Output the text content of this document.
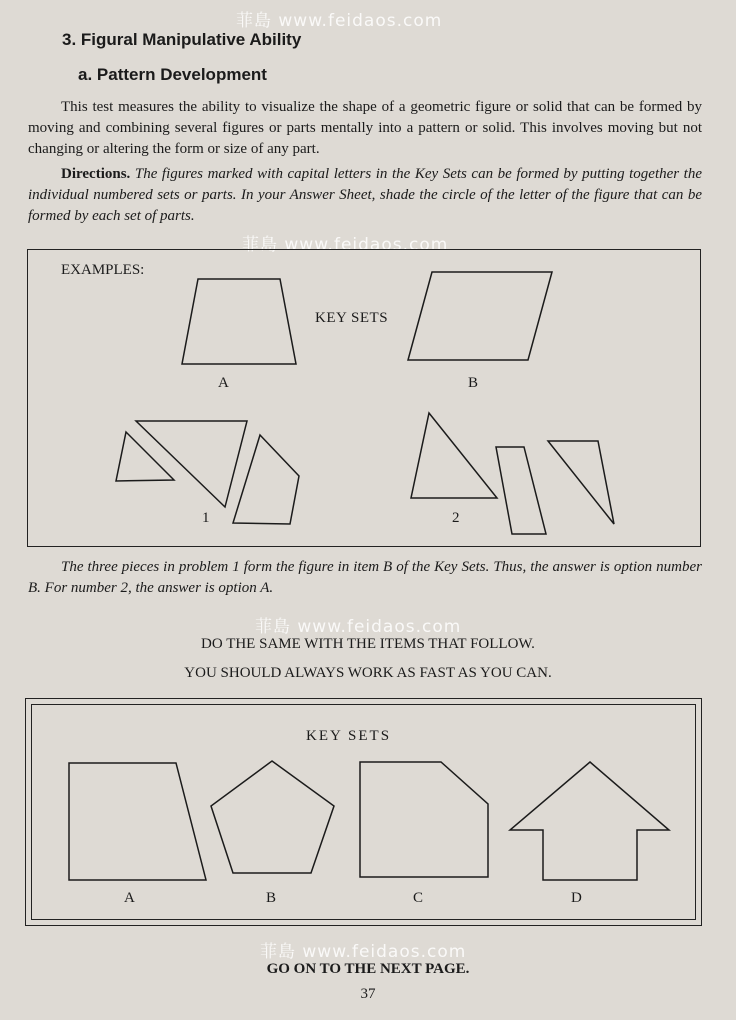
菲島 www.feidaos.com
菲島 www.feidaos.com
菲島 www.feidaos.com
菲島 www.feidaos.com
3. Figural Manipulative Ability
a. Pattern Development
This test measures the ability to visualize the shape of a geometric figure or solid that can be formed by moving and combining several figures or parts mentally into a pattern or solid. This involves moving but not changing or altering the form or size of any part.
Directions. The figures marked with capital letters in the Key Sets can be formed by putting together the individual numbered sets or parts. In your Answer Sheet, shade the circle of the letter of the figure that can be formed by each set of parts.
EXAMPLES:
KEY SETS
A	B
1	2
The three pieces in problem 1 form the figure in item B of the Key Sets. Thus, the answer is option number B. For number 2, the answer is option A.
DO THE SAME WITH THE ITEMS THAT FOLLOW.
YOU SHOULD ALWAYS WORK AS FAST AS YOU CAN.
KEY SETS
A	B	C	D
GO ON TO THE NEXT PAGE.
37
